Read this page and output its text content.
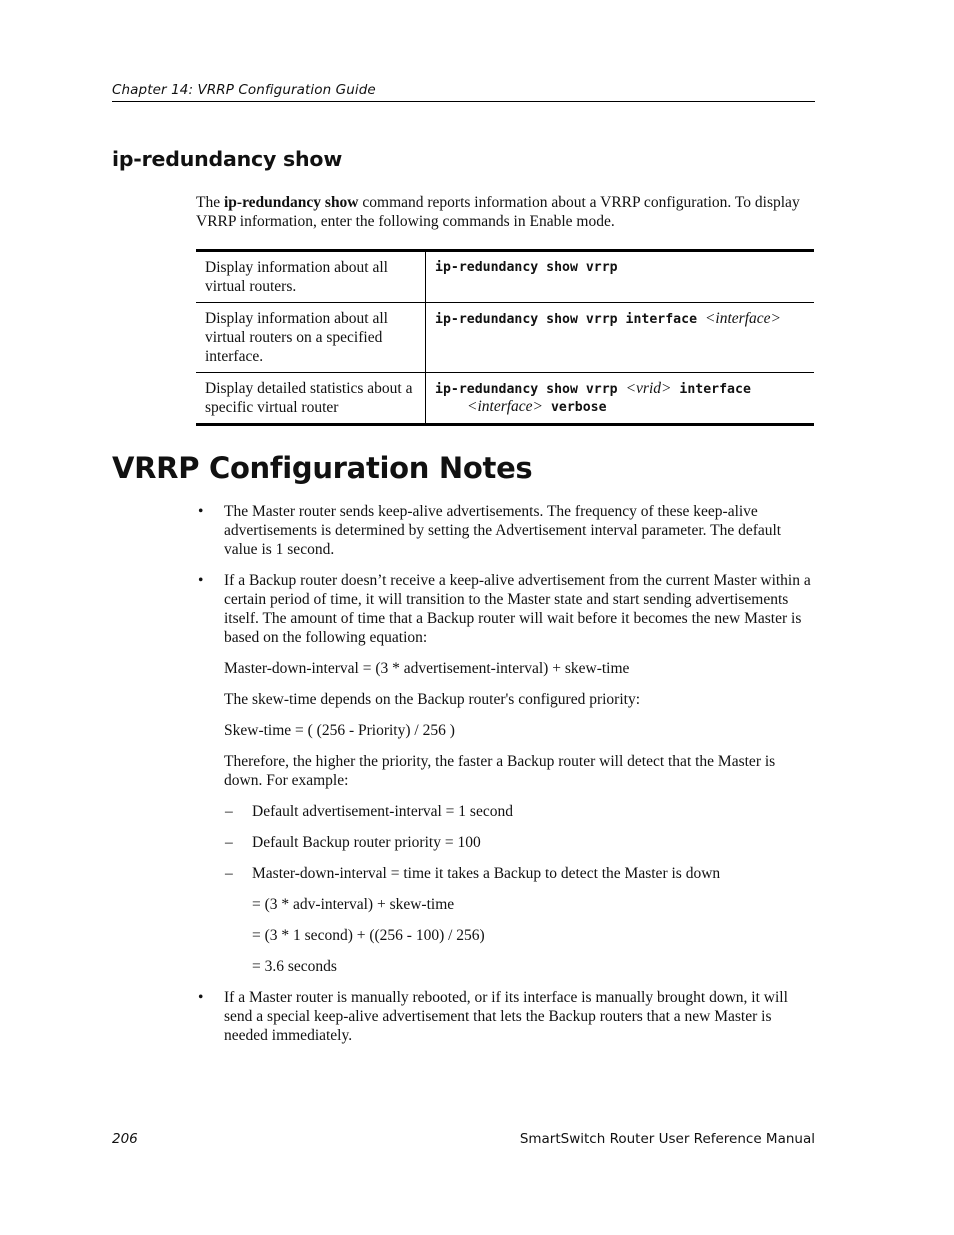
Chapter 14: VRRP Configuration Guide
ip-redundancy show
The ip-redundancy show command reports information about a VRRP configuration. To display VRRP information, enter the following commands in Enable mode.
Display information about all virtual routers.
ip-redundancy show vrrp
Display information about all virtual routers on a specified interface.
ip-redundancy show vrrp interface <interface>
Display detailed statistics about a specific virtual router
ip-redundancy show vrrp <vrid> interface
<interface> verbose
VRRP Configuration Notes
• The Master router sends keep-alive advertisements. The frequency of these keep-alive advertisements is determined by setting the Advertisement interval parameter. The default value is 1 second.
• If a Backup router doesn’t receive a keep-alive advertisement from the current Master within a certain period of time, it will transition to the Master state and start sending advertisements itself. The amount of time that a Backup router will wait before it becomes the new Master is based on the following equation:
Master-down-interval = (3 * advertisement-interval) + skew-time
The skew-time depends on the Backup router's configured priority:
Skew-time = ( (256 - Priority) / 256 )
Therefore, the higher the priority, the faster a Backup router will detect that the Master is down. For example:
– Default advertisement-interval = 1 second
– Default Backup router priority = 100
– Master-down-interval = time it takes a Backup to detect the Master is down
= (3 * adv-interval) + skew-time
= (3 * 1 second) + ((256 - 100) / 256)
= 3.6 seconds
• If a Master router is manually rebooted, or if its interface is manually brought down, it will send a special keep-alive advertisement that lets the Backup routers that a new Master is needed immediately.
206	SmartSwitch Router User Reference Manual
